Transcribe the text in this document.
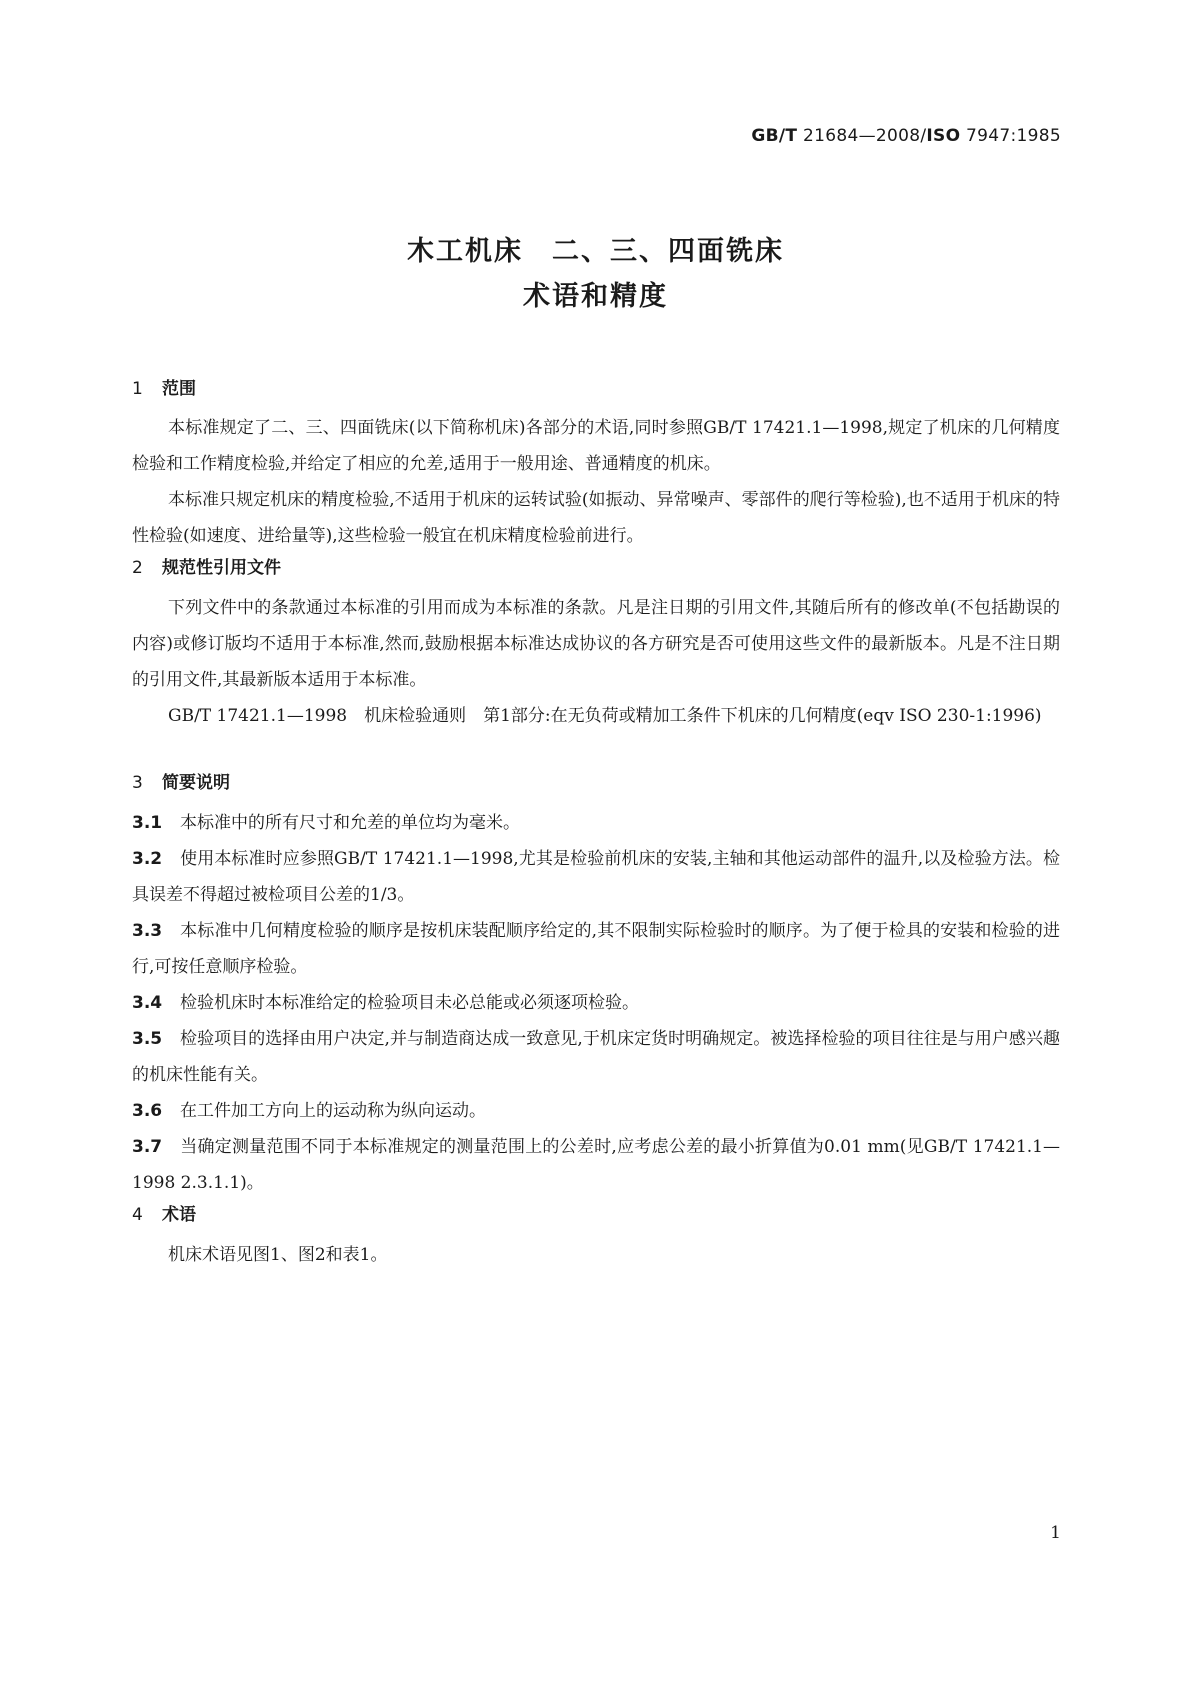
GB/T 21684—2008/ISO 7947:1985
木工机床　二、三、四面铣床
术语和精度
1 范围
本标准规定了二、三、四面铣床(以下简称机床)各部分的术语,同时参照GB/T 17421.1—1998,规定了机床的几何精度检验和工作精度检验,并给定了相应的允差,适用于一般用途、普通精度的机床。
本标准只规定机床的精度检验,不适用于机床的运转试验(如振动、异常噪声、零部件的爬行等检验),也不适用于机床的特性检验(如速度、进给量等),这些检验一般宜在机床精度检验前进行。
2 规范性引用文件
下列文件中的条款通过本标准的引用而成为本标准的条款。凡是注日期的引用文件,其随后所有的修改单(不包括勘误的内容)或修订版均不适用于本标准,然而,鼓励根据本标准达成协议的各方研究是否可使用这些文件的最新版本。凡是不注日期的引用文件,其最新版本适用于本标准。
GB/T 17421.1—1998　机床检验通则　第1部分:在无负荷或精加工条件下机床的几何精度(eqv ISO 230-1:1996)
3 简要说明
3.1 本标准中的所有尺寸和允差的单位均为毫米。
3.2 使用本标准时应参照GB/T 17421.1—1998,尤其是检验前机床的安装,主轴和其他运动部件的温升,以及检验方法。检具误差不得超过被检项目公差的1/3。
3.3 本标准中几何精度检验的顺序是按机床装配顺序给定的,其不限制实际检验时的顺序。为了便于检具的安装和检验的进行,可按任意顺序检验。
3.4 检验机床时本标准给定的检验项目未必总能或必须逐项检验。
3.5 检验项目的选择由用户决定,并与制造商达成一致意见,于机床定货时明确规定。被选择检验的项目往往是与用户感兴趣的机床性能有关。
3.6 在工件加工方向上的运动称为纵向运动。
3.7 当确定测量范围不同于本标准规定的测量范围上的公差时,应考虑公差的最小折算值为0.01 mm(见GB/T 17421.1—1998 2.3.1.1)。
4 术语
机床术语见图1、图2和表1。
1
